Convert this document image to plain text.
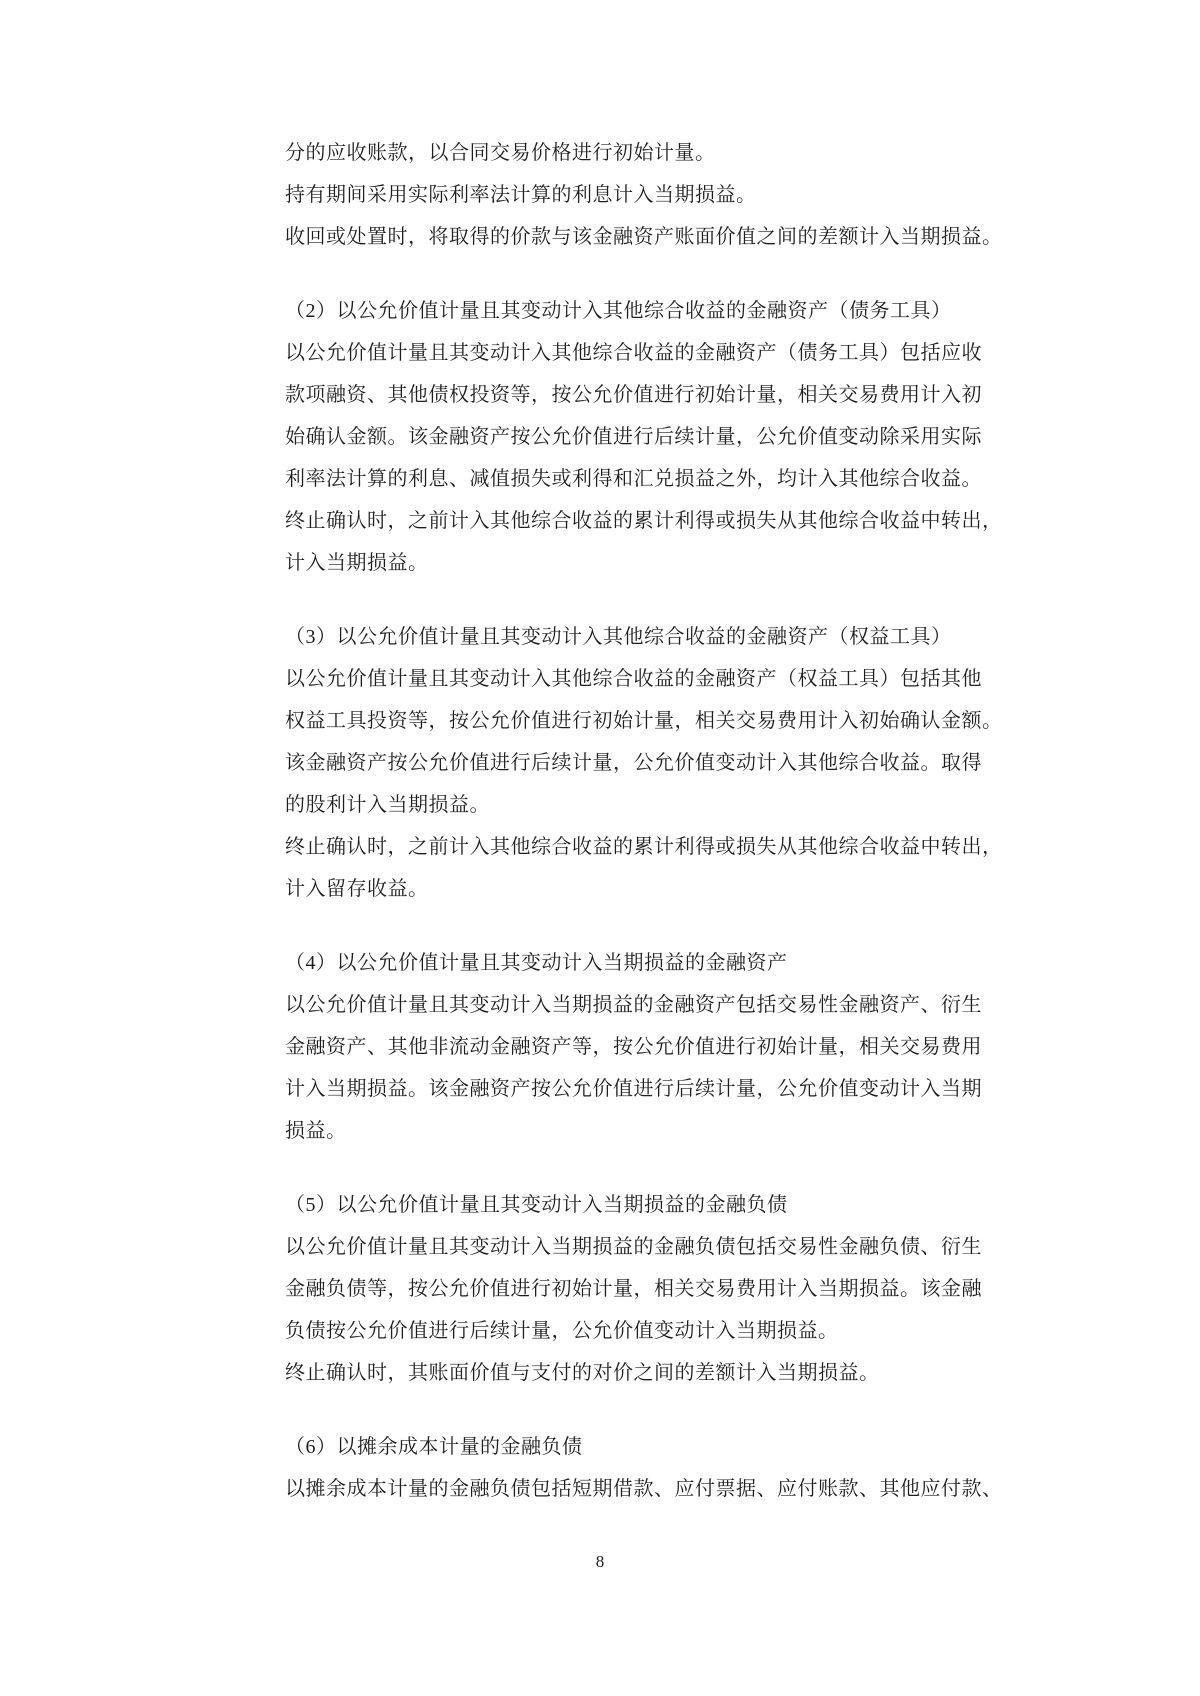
分的应收账款，以合同交易价格进行初始计量。
持有期间采用实际利率法计算的利息计入当期损益。
收回或处置时，将取得的价款与该金融资产账面价值之间的差额计入当期损益。
（2）以公允价值计量且其变动计入其他综合收益的金融资产（债务工具）
以公允价值计量且其变动计入其他综合收益的金融资产（债务工具）包括应收
款项融资、其他债权投资等，按公允价值进行初始计量，相关交易费用计入初
始确认金额。该金融资产按公允价值进行后续计量，公允价值变动除采用实际
利率法计算的利息、减值损失或利得和汇兑损益之外，均计入其他综合收益。
终止确认时，之前计入其他综合收益的累计利得或损失从其他综合收益中转出，
计入当期损益。
（3）以公允价值计量且其变动计入其他综合收益的金融资产（权益工具）
以公允价值计量且其变动计入其他综合收益的金融资产（权益工具）包括其他
权益工具投资等，按公允价值进行初始计量，相关交易费用计入初始确认金额。
该金融资产按公允价值进行后续计量，公允价值变动计入其他综合收益。取得
的股利计入当期损益。
终止确认时，之前计入其他综合收益的累计利得或损失从其他综合收益中转出，
计入留存收益。
（4）以公允价值计量且其变动计入当期损益的金融资产
以公允价值计量且其变动计入当期损益的金融资产包括交易性金融资产、衍生
金融资产、其他非流动金融资产等，按公允价值进行初始计量，相关交易费用
计入当期损益。该金融资产按公允价值进行后续计量，公允价值变动计入当期
损益。
（5）以公允价值计量且其变动计入当期损益的金融负债
以公允价值计量且其变动计入当期损益的金融负债包括交易性金融负债、衍生
金融负债等，按公允价值进行初始计量，相关交易费用计入当期损益。该金融
负债按公允价值进行后续计量，公允价值变动计入当期损益。
终止确认时，其账面价值与支付的对价之间的差额计入当期损益。
（6）以摊余成本计量的金融负债
以摊余成本计量的金融负债包括短期借款、应付票据、应付账款、其他应付款、
8
